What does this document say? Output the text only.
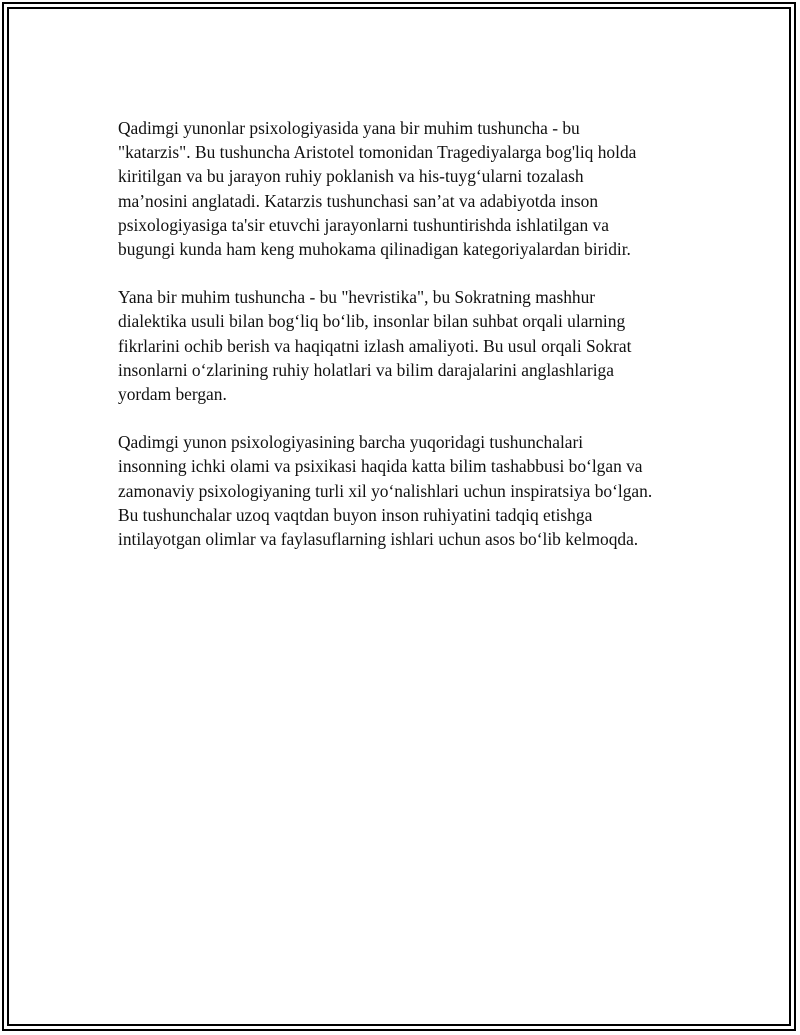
Qadimgi yunonlar psixologiyasida yana bir muhim tushuncha - bu
"katarzis". Bu tushuncha Aristotel tomonidan Tragediyalarga bog'liq holda
kiritilgan va bu jarayon ruhiy poklanish va his-tuyg‘ularni tozalash
ma’nosini anglatadi. Katarzis tushunchasi san’at va adabiyotda inson
psixologiyasiga ta'sir etuvchi jarayonlarni tushuntirishda ishlatilgan va
bugungi kunda ham keng muhokama qilinadigan kategoriyalardan biridir.

Yana bir muhim tushuncha - bu "hevristika", bu Sokratning mashhur
dialektika usuli bilan bog‘liq bo‘lib, insonlar bilan suhbat orqali ularning
fikrlarini ochib berish va haqiqatni izlash amaliyoti. Bu usul orqali Sokrat
insonlarni o‘zlarining ruhiy holatlari va bilim darajalarini anglashlariga
yordam bergan.

Qadimgi yunon psixologiyasining barcha yuqoridagi tushunchalari
insonning ichki olami va psixikasi haqida katta bilim tashabbusi bo‘lgan va
zamonaviy psixologiyaning turli xil yo‘nalishlari uchun inspiratsiya bo‘lgan.
Bu tushunchalar uzoq vaqtdan buyon inson ruhiyatini tadqiq etishga
intilayotgan olimlar va faylasuflarning ishlari uchun asos bo‘lib kelmoqda.
